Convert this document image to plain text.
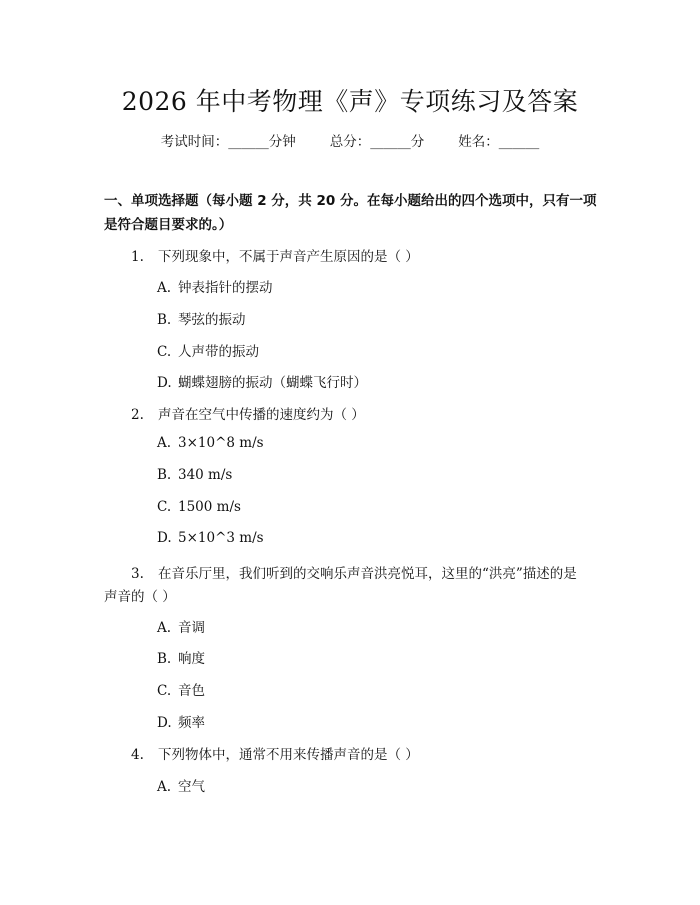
2026 年中考物理《声》专项练习及答案
考试时间：______分钟	总分：______分	姓名：______
一、单项选择题（每小题 2 分，共 20 分。在每小题给出的四个选项中，只有一项
是符合题目要求的。）
1. 下列现象中，不属于声音产生原因的是（ ）
A. 钟表指针的摆动
B. 琴弦的振动
C. 人声带的振动
D. 蝴蝶翅膀的振动（蝴蝶飞行时）
2. 声音在空气中传播的速度约为（ ）
A. 3×10^8 m/s
B. 340 m/s
C. 1500 m/s
D. 5×10^3 m/s
3. 在音乐厅里，我们听到的交响乐声音洪亮悦耳，这里的“洪亮”描述的是
声音的（ ）
A. 音调
B. 响度
C. 音色
D. 频率
4. 下列物体中，通常不用来传播声音的是（ ）
A. 空气
